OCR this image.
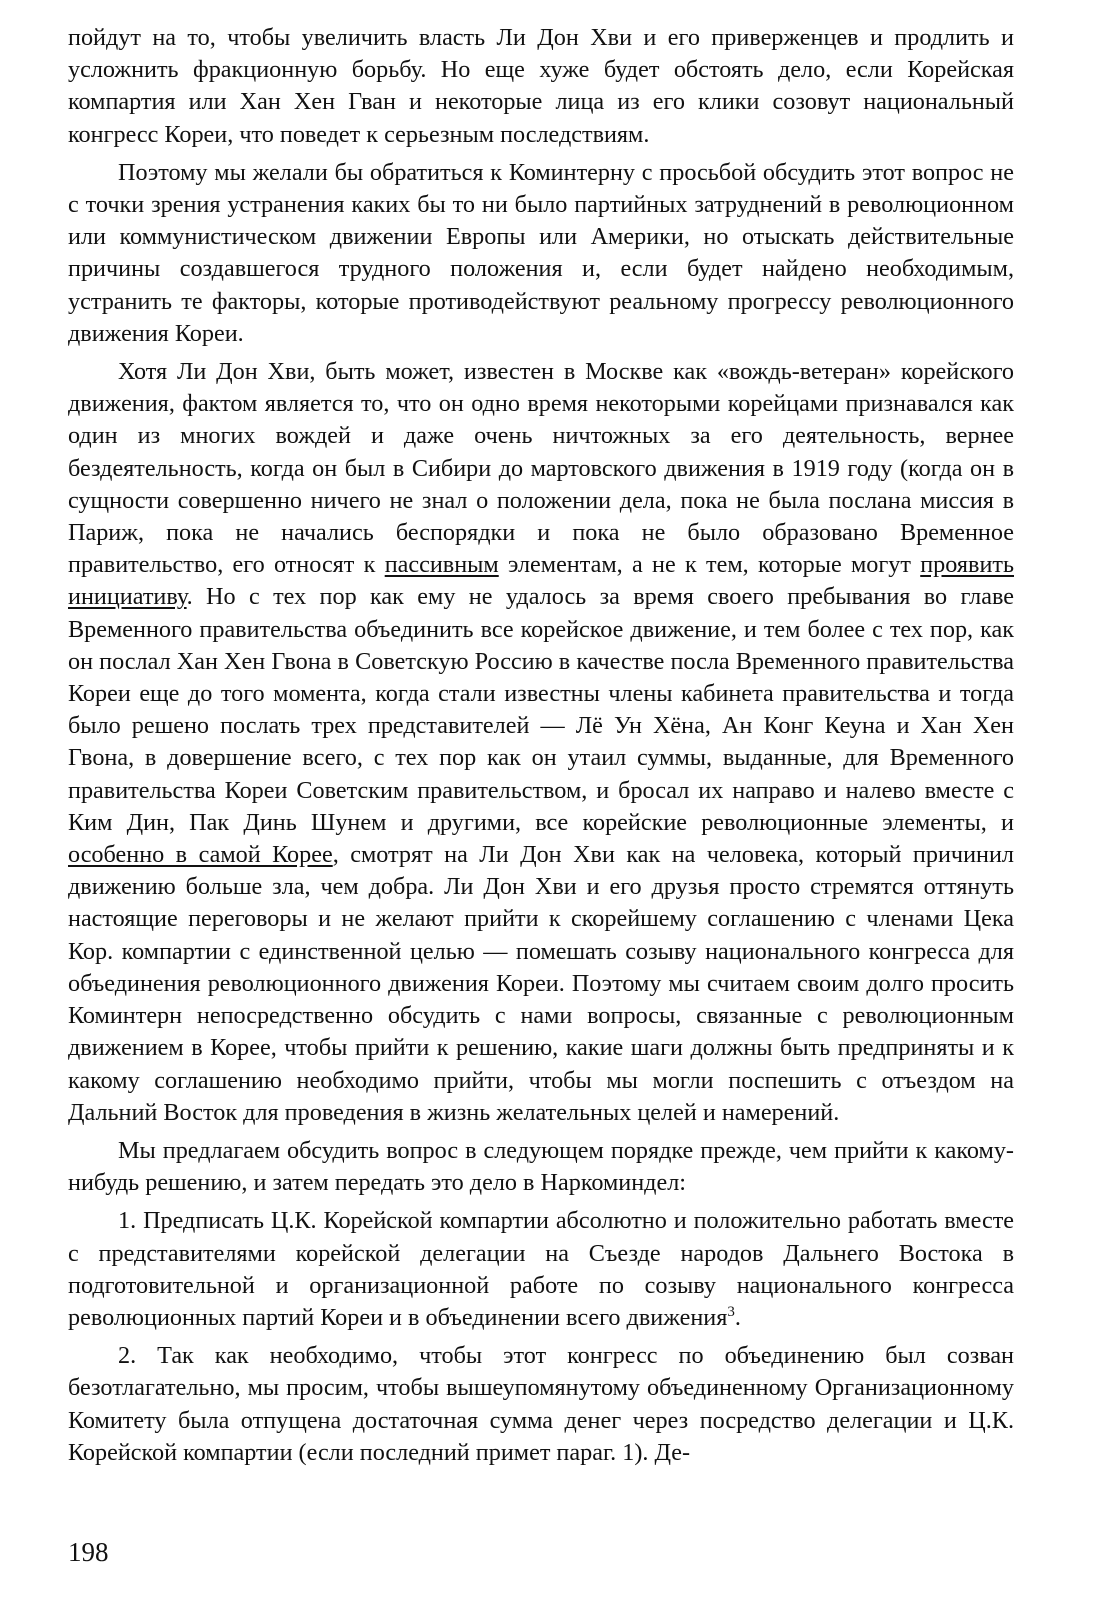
пойдут на то, чтобы увеличить власть Ли Дон Хви и его приверженцев и продлить и усложнить фракционную борьбу. Но еще хуже будет обстоять дело, если Корейская компартия или Хан Хен Гван и некоторые лица из его клики созовут национальный конгресс Кореи, что поведет к серьезным последствиям.

Поэтому мы желали бы обратиться к Коминтерну с просьбой обсудить этот вопрос не с точки зрения устранения каких бы то ни было партийных затруднений в революционном или коммунистическом движении Европы или Америки, но отыскать действительные причины создавшегося трудного положения и, если будет найдено необходимым, устранить те факторы, которые противодействуют реальному прогрессу революционного движения Кореи.

Хотя Ли Дон Хви, быть может, известен в Москве как «вождь-ветеран» корейского движения, фактом является то, что он одно время некоторыми корейцами признавался как один из многих вождей и даже очень ничтожных за его деятельность, вернее бездеятельность, когда он был в Сибири до мартовского движения в 1919 году (когда он в сущности совершенно ничего не знал о положении дела, пока не была послана миссия в Париж, пока не начались беспорядки и пока не было образовано Временное правительство, его относят к пассивным элементам, а не к тем, которые могут проявить инициативу. Но с тех пор как ему не удалось за время своего пребывания во главе Временного правительства объединить все корейское движение, и тем более с тех пор, как он послал Хан Хен Гвона в Советскую Россию в качестве посла Временного правительства Кореи еще до того момента, когда стали известны члены кабинета правительства и тогда было решено послать трех представителей — Лё Ун Хёна, Ан Конг Кеуна и Хан Хен Гвона, в довершение всего, с тех пор как он утаил суммы, выданные, для Временного правительства Кореи Советским правительством, и бросал их направо и налево вместе с Ким Дин, Пак Динь Шунем и другими, все корейские революционные элементы, и особенно в самой Корее, смотрят на Ли Дон Хви как на человека, который причинил движению больше зла, чем добра. Ли Дон Хви и его друзья просто стремятся оттянуть настоящие переговоры и не желают прийти к скорейшему соглашению с членами Цека Кор. компартии с единственной целью — помешать созыву национального конгресса для объединения революционного движения Кореи. Поэтому мы считаем своим долго просить Коминтерн непосредственно обсудить с нами вопросы, связанные с революционным движением в Корее, чтобы прийти к решению, какие шаги должны быть предприняты и к какому соглашению необходимо прийти, чтобы мы могли поспешить с отъездом на Дальний Восток для проведения в жизнь желательных целей и намерений.

Мы предлагаем обсудить вопрос в следующем порядке прежде, чем прийти к какому-нибудь решению, и затем передать это дело в Наркоминдел:

1. Предписать Ц.К. Корейской компартии абсолютно и положительно работать вместе с представителями корейской делегации на Съезде народов Дальнего Востока в подготовительной и организационной работе по созыву национального конгресса революционных партий Кореи и в объединении всего движения$^3$.

2. Так как необходимо, чтобы этот конгресс по объединению был созван безотлагательно, мы просим, чтобы вышеупомянутому объединенному Организационному Комитету была отпущена достаточная сумма денег через посредство делегации и Ц.К. Корейской компартии (если последний примет параг. 1). Де-

198
